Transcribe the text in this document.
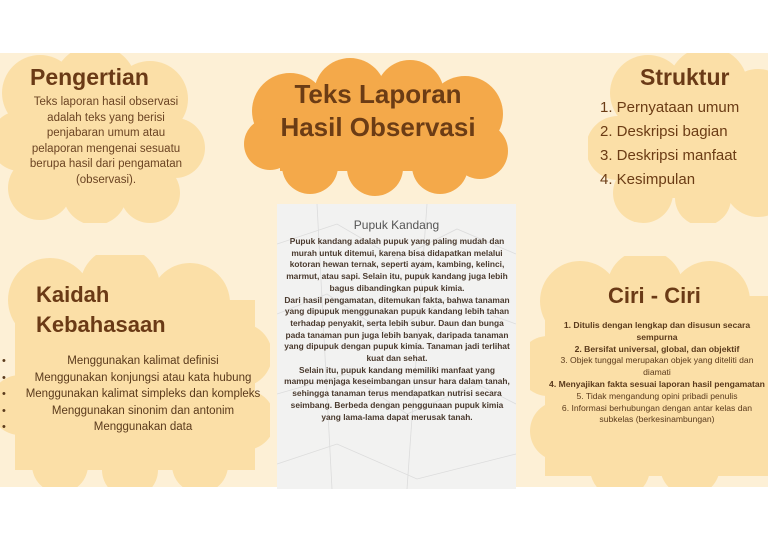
Teks Laporan Hasil Observasi
Pengertian
Teks laporan hasil observasi adalah teks yang berisi penjabaran umum atau pelaporan mengenai sesuatu berupa hasil dari pengamatan (observasi).
Struktur
1. Pernyataan umum
2. Deskripsi bagian
3. Deskripsi manfaat
4. Kesimpulan
Kaidah Kebahasaan
• Menggunakan kalimat definisi
• Menggunakan konjungsi atau kata hubung
• Menggunakan kalimat simpleks dan kompleks
• Menggunakan sinonim dan antonim
• Menggunakan data
Ciri - Ciri
1. Ditulis dengan lengkap dan disusun secara sempurna
2. Bersifat universal, global, dan objektif
3. Objek tunggal merupakan objek yang diteliti dan diamati
4. Menyajikan fakta sesuai laporan hasil pengamatan
5. Tidak mengandung opini pribadi penulis
6. Informasi berhubungan dengan antar kelas dan subkelas (berkesinambungan)
Pupuk Kandang

Pupuk kandang adalah pupuk yang paling mudah dan murah untuk ditemui, karena bisa didapatkan melalui kotoran hewan ternak, seperti ayam, kambing, kelinci, marmut, atau sapi. Selain itu, pupuk kandang juga lebih bagus dibandingkan pupuk kimia.

Dari hasil pengamatan, ditemukan fakta, bahwa tanaman yang dipupuk menggunakan pupuk kandang lebih tahan terhadap penyakit, serta lebih subur. Daun dan bunga pada tanaman pun juga lebih banyak, daripada tanaman yang dipupuk dengan pupuk kimia. Tanaman jadi terlihat kuat dan sehat.

Selain itu, pupuk kandang memiliki manfaat yang mampu menjaga keseimbangan unsur hara dalam tanah, sehingga tanaman terus mendapatkan nutrisi secara seimbang. Berbeda dengan penggunaan pupuk kimia yang lama-lama dapat merusak tanah.
